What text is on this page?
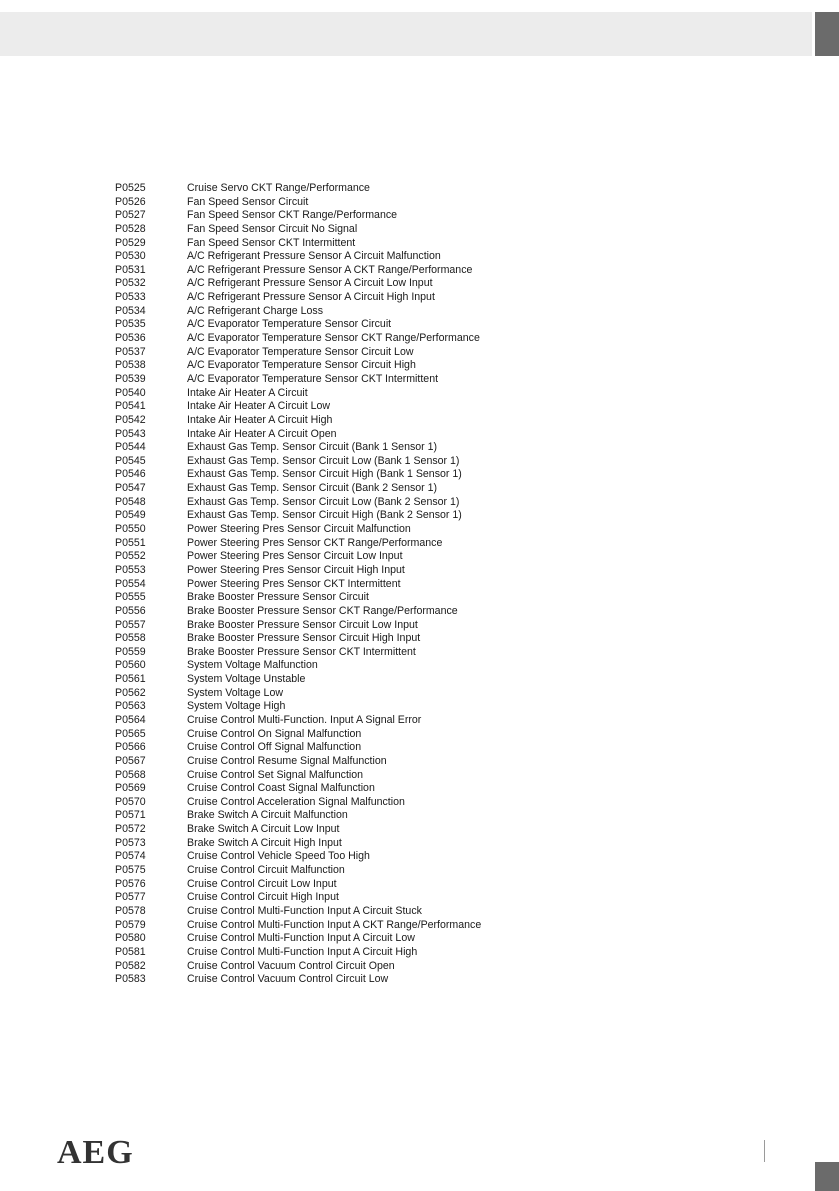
P0525	Cruise Servo CKT Range/Performance
P0526	Fan Speed Sensor Circuit
P0527	Fan Speed Sensor CKT Range/Performance
P0528	Fan Speed Sensor Circuit No Signal
P0529	Fan Speed Sensor CKT Intermittent
P0530	A/C Refrigerant Pressure Sensor A Circuit Malfunction
P0531	A/C Refrigerant Pressure Sensor A CKT Range/Performance
P0532	A/C Refrigerant Pressure Sensor A Circuit Low Input
P0533	A/C Refrigerant Pressure Sensor A Circuit High Input
P0534	A/C Refrigerant Charge Loss
P0535	A/C Evaporator Temperature Sensor Circuit
P0536	A/C Evaporator Temperature Sensor CKT Range/Performance
P0537	A/C Evaporator Temperature Sensor Circuit Low
P0538	A/C Evaporator Temperature Sensor Circuit High
P0539	A/C Evaporator Temperature Sensor CKT Intermittent
P0540	Intake Air Heater A Circuit
P0541	Intake Air Heater A Circuit Low
P0542	Intake Air Heater A Circuit High
P0543	Intake Air Heater A Circuit Open
P0544	Exhaust Gas Temp. Sensor Circuit (Bank 1 Sensor 1)
P0545	Exhaust Gas Temp. Sensor Circuit Low (Bank 1 Sensor 1)
P0546	Exhaust Gas Temp. Sensor Circuit High (Bank 1 Sensor 1)
P0547	Exhaust Gas Temp. Sensor Circuit (Bank 2 Sensor 1)
P0548	Exhaust Gas Temp. Sensor Circuit Low (Bank 2 Sensor 1)
P0549	Exhaust Gas Temp. Sensor Circuit High (Bank 2 Sensor 1)
P0550	Power Steering Pres Sensor Circuit Malfunction
P0551	Power Steering Pres Sensor CKT Range/Performance
P0552	Power Steering Pres Sensor Circuit Low Input
P0553	Power Steering Pres Sensor Circuit High Input
P0554	Power Steering Pres Sensor CKT Intermittent
P0555	Brake Booster Pressure Sensor Circuit
P0556	Brake Booster Pressure Sensor CKT Range/Performance
P0557	Brake Booster Pressure Sensor Circuit Low Input
P0558	Brake Booster Pressure Sensor Circuit High Input
P0559	Brake Booster Pressure Sensor CKT Intermittent
P0560	System Voltage Malfunction
P0561	System Voltage Unstable
P0562	System Voltage Low
P0563	System Voltage High
P0564	Cruise Control Multi-Function. Input A Signal Error
P0565	Cruise Control On Signal Malfunction
P0566	Cruise Control Off Signal Malfunction
P0567	Cruise Control Resume Signal Malfunction
P0568	Cruise Control Set Signal Malfunction
P0569	Cruise Control Coast Signal Malfunction
P0570	Cruise Control Acceleration Signal Malfunction
P0571	Brake Switch A Circuit Malfunction
P0572	Brake Switch A Circuit Low Input
P0573	Brake Switch A Circuit High Input
P0574	Cruise Control Vehicle Speed Too High
P0575	Cruise Control Circuit Malfunction
P0576	Cruise Control Circuit Low Input
P0577	Cruise Control Circuit High Input
P0578	Cruise Control Multi-Function Input A Circuit Stuck
P0579	Cruise Control Multi-Function Input A CKT Range/Performance
P0580	Cruise Control Multi-Function Input A Circuit Low
P0581	Cruise Control Multi-Function Input A Circuit High
P0582	Cruise Control Vacuum Control Circuit Open
P0583	Cruise Control Vacuum Control Circuit Low
AEG
